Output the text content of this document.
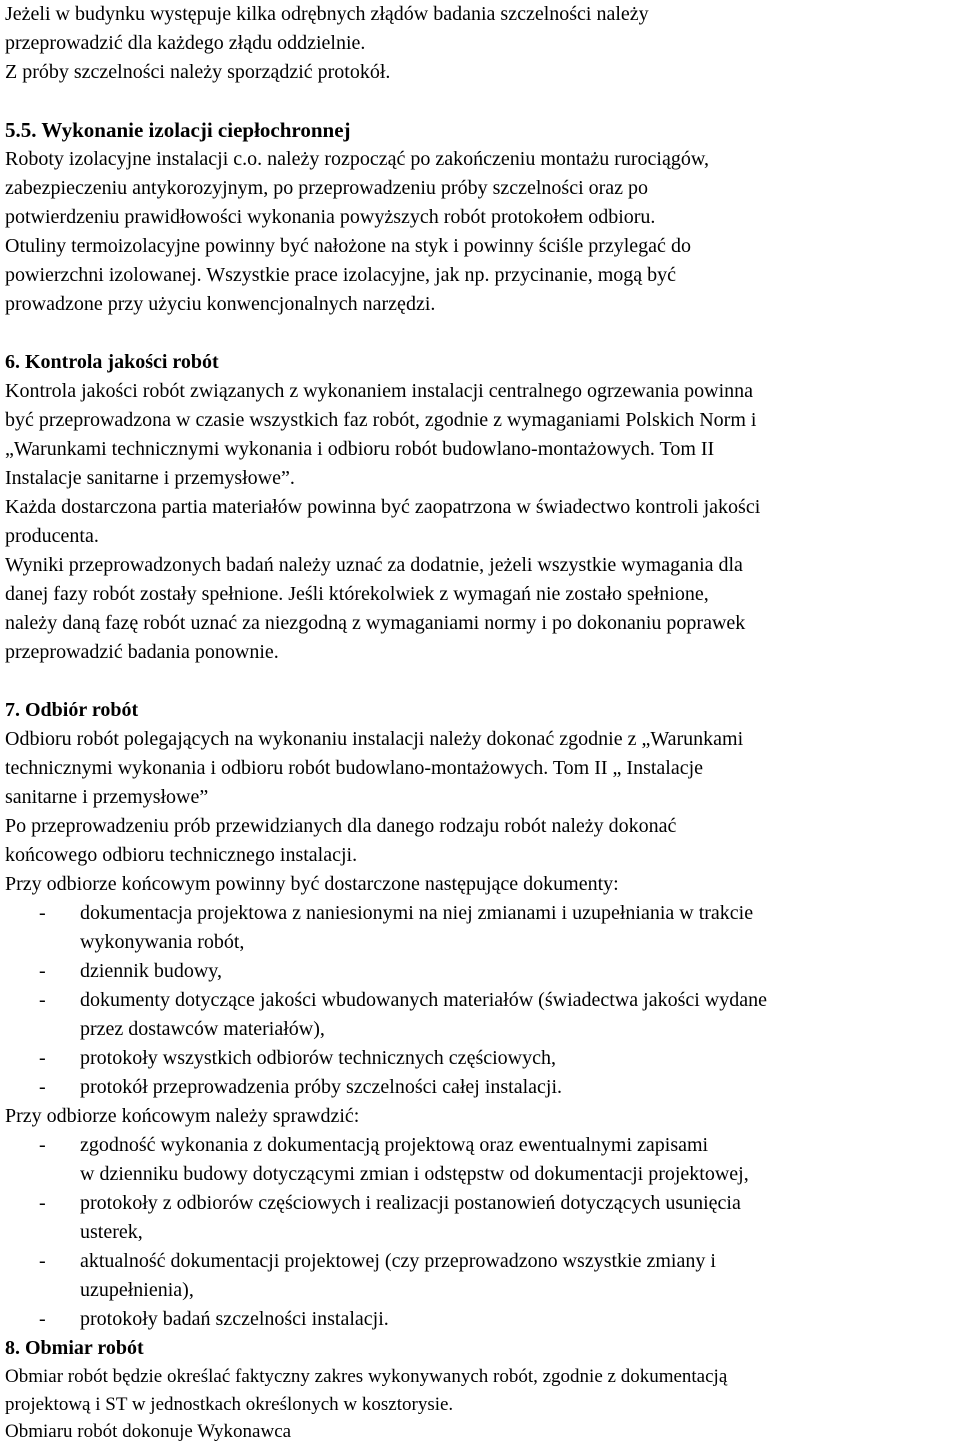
Jeżeli w budynku występuje kilka odrębnych złądów badania szczelności należy

przeprowadzić dla każdego złądu oddzielnie.

Z próby szczelności należy sporządzić protokół.

5.5. Wykonanie izolacji ciepłochronnej

Roboty izolacyjne instalacji c.o. należy rozpocząć po zakończeniu montażu rurociągów,

zabezpieczeniu antykorozyjnym, po przeprowadzeniu próby szczelności oraz po

potwierdzeniu prawidłowości wykonania powyższych robót protokołem odbioru.

Otuliny termoizolacyjne powinny być nałożone na styk i powinny ściśle przylegać do

powierzchni izolowanej. Wszystkie prace izolacyjne, jak np. przycinanie, mogą być

prowadzone przy użyciu konwencjonalnych narzędzi.

6. Kontrola jakości robót

Kontrola jakości robót związanych z wykonaniem instalacji centralnego ogrzewania powinna

być przeprowadzona w czasie wszystkich faz robót, zgodnie z wymaganiami Polskich Norm i

„Warunkami technicznymi wykonania i odbioru robót budowlano-montażowych. Tom II

Instalacje sanitarne i przemysłowe”.

Każda dostarczona partia materiałów powinna być zaopatrzona w świadectwo kontroli jakości

producenta.

Wyniki przeprowadzonych badań należy uznać za dodatnie, jeżeli wszystkie wymagania dla

danej fazy robót zostały spełnione. Jeśli którekolwiek z wymagań nie zostało spełnione,

należy daną fazę robót uznać za niezgodną z wymaganiami normy i po dokonaniu poprawek

przeprowadzić badania ponownie.

7. Odbiór robót

Odbioru robót polegających na wykonaniu instalacji należy dokonać zgodnie z „Warunkami

technicznymi wykonania i odbioru robót budowlano-montażowych. Tom II „ Instalacje

sanitarne i przemysłowe”

Po przeprowadzeniu prób przewidzianych dla danego rodzaju robót należy dokonać

końcowego odbioru technicznego instalacji.

Przy odbiorze końcowym powinny być dostarczone następujące dokumenty:

- dokumentacja projektowa z naniesionymi na niej zmianami i uzupełniania w trakcie
wykonywania robót,
- dziennik budowy,
- dokumenty dotyczące jakości wbudowanych materiałów (świadectwa jakości wydane
przez dostawców materiałów),
- protokoły wszystkich odbiorów technicznych częściowych,
- protokół przeprowadzenia próby szczelności całej instalacji.

Przy odbiorze końcowym należy sprawdzić:

- zgodność wykonania z dokumentacją projektową oraz ewentualnymi zapisami
w dzienniku budowy dotyczącymi zmian i odstępstw od dokumentacji projektowej,
- protokoły z odbiorów częściowych i realizacji postanowień dotyczących usunięcia
usterek,
- aktualność dokumentacji projektowej (czy przeprowadzono wszystkie zmiany i
uzupełnienia),
- protokoły badań szczelności instalacji.

8. Obmiar robót

Obmiar robót będzie określać faktyczny zakres wykonywanych robót, zgodnie z dokumentacją

projektową i ST w jednostkach określonych w kosztorysie.

Obmiaru robót dokonuje Wykonawca
